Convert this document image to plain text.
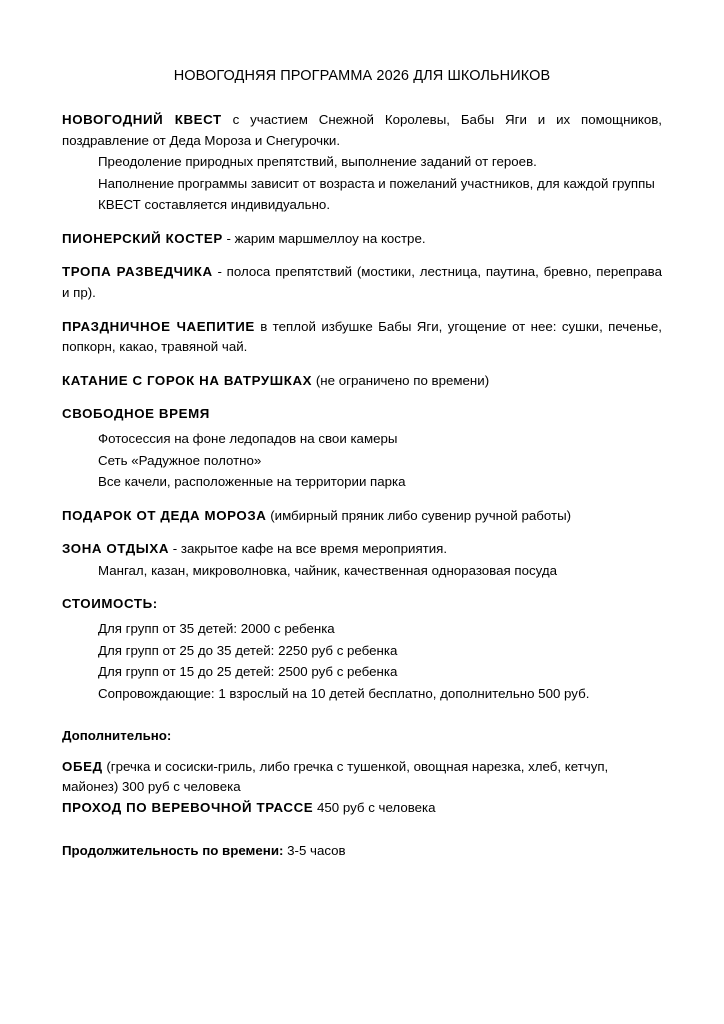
НОВОГОДНЯЯ ПРОГРАММА 2026 ДЛЯ ШКОЛЬНИКОВ

НОВОГОДНИЙ КВЕСТ с участием Снежной Королевы, Бабы Яги и их помощников, поздравление от Деда Мороза и Снегурочки.

Преодоление природных препятствий, выполнение заданий от героев.
Наполнение программы зависит от возраста и пожеланий участников, для каждой группы КВЕСТ составляется индивидуально.

ПИОНЕРСКИЙ КОСТЕР - жарим маршмеллоу на костре.

ТРОПА РАЗВЕДЧИКА - полоса препятствий (мостики, лестница, паутина, бревно, переправа и пр).

ПРАЗДНИЧНОЕ ЧАЕПИТИЕ в теплой избушке Бабы Яги, угощение от нее: сушки, печенье, попкорн, какао, травяной чай.

КАТАНИЕ С ГОРОК НА ВАТРУШКАХ (не ограничено по времени)

СВОБОДНОЕ ВРЕМЯ

Фотосессия на фоне ледопадов на свои камеры
Сеть «Радужное полотно»
Все качели, расположенные на территории парка

ПОДАРОК ОТ ДЕДА МОРОЗА (имбирный пряник либо сувенир ручной работы)

ЗОНА ОТДЫХА - закрытое кафе на все время мероприятия.

Мангал, казан, микроволновка, чайник, качественная одноразовая посуда

СТОИМОСТЬ:

Для групп от 35 детей: 2000 с ребенка
Для групп от 25 до 35 детей: 2250 руб с ребенка
Для групп от 15 до 25 детей: 2500 руб с ребенка
Сопровождающие: 1 взрослый на 10 детей бесплатно, дополнительно 500 руб.

Дополнительно:

ОБЕД (гречка и сосиски-гриль, либо гречка с тушенкой, овощная нарезка, хлеб, кетчуп, майонез) 300 руб с человека

ПРОХОД ПО ВЕРЕВОЧНОЙ ТРАССЕ 450 руб с человека

Продолжительность по времени: 3-5 часов
